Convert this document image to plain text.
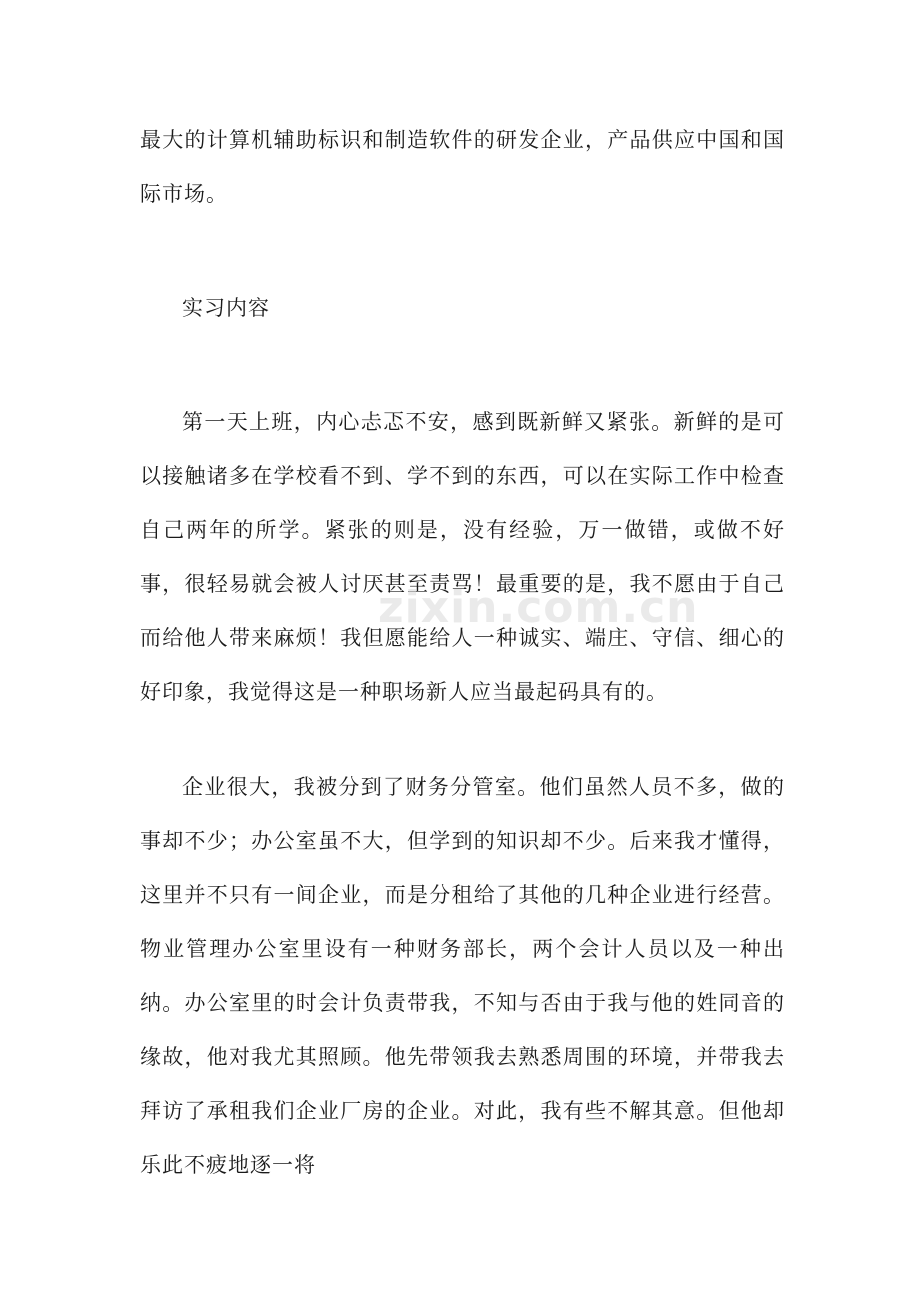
最大的计算机辅助标识和制造软件的研发企业，产品供应中国和国际市场。

实习内容

第一天上班，内心忐忑不安，感到既新鲜又紧张。新鲜的是可以接触诸多在学校看不到、学不到的东西，可以在实际工作中检查自己两年的所学。紧张的则是，没有经验，万一做错，或做不好事，很轻易就会被人讨厌甚至责骂！最重要的是，我不愿由于自己而给他人带来麻烦！我但愿能给人一种诚实、端庄、守信、细心的好印象，我觉得这是一种职场新人应当最起码具有的。

企业很大，我被分到了财务分管室。他们虽然人员不多，做的事却不少；办公室虽不大，但学到的知识却不少。后来我才懂得，这里并不只有一间企业，而是分租给了其他的几种企业进行经营。物业管理办公室里设有一种财务部长，两个会计人员以及一种出纳。办公室里的时会计负责带我，不知与否由于我与他的姓同音的缘故，他对我尤其照顾。他先带领我去熟悉周围的环境，并带我去拜访了承租我们企业厂房的企业。对此，我有些不解其意。但他却乐此不疲地逐一将

zixin.com.cn
